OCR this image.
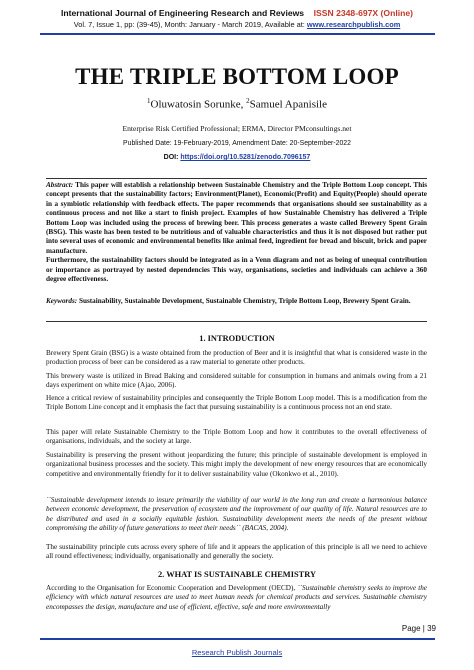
International Journal of Engineering Research and Reviews ISSN 2348-697X (Online)
Vol. 7, Issue 1, pp: (39-45), Month: January - March 2019, Available at: www.researchpublish.com
THE TRIPLE BOTTOM LOOP
$^1$Oluwatosin Sorunke, $^2$Samuel Apanisile
Enterprise Risk Certified Professional; ERMA, Director PMconsultings.net
Published Date: 19-February-2019, Amendment Date: 20-September-2022
DOI: https://doi.org/10.5281/zenodo.7096157

Abstract: This paper will establish a relationship between Sustainable Chemistry and the Triple Bottom Loop concept. This concept presents that the sustainability factors; Environment(Planet), Economic(Profit) and Equity(People) should operate in a symbiotic relationship with feedback effects. The paper recommends that organisations should see sustainability as a continuous process and not like a start to finish project. Examples of how Sustainable Chemistry has delivered a Triple Bottom Loop was included using the process of brewing beer. This process generates a waste called Brewery Spent Grain (BSG). This waste has been tested to be nutritious and of valuable characteristics and thus it is not disposed but rather put into several uses of economic and environmental benefits like animal feed, ingredient for bread and biscuit, brick and paper manufacture.
Furthermore, the sustainability factors should be integrated as in a Venn diagram and not as being of unequal contribution or importance as portrayed by nested dependencies This way, organisations, societies and individuals can achieve a 360 degree effectiveness.

Keywords: Sustainability, Sustainable Development, Sustainable Chemistry, Triple Bottom Loop, Brewery Spent Grain.

1. INTRODUCTION

Brewery Spent Grain (BSG) is a waste obtained from the production of Beer and it is insightful that what is considered waste in the production process of beer can be considered as a raw material to generate other products.

This brewery waste is utilized in Bread Baking and considered suitable for consumption in humans and animals owing from a 21 days experiment on white mice (Ajao, 2006).

Hence a critical review of sustainability principles and consequently the Triple Bottom Loop model. This is a modification from the Triple Bottom Line concept and it emphasis the fact that pursuing sustainability is a continuous process not an end state.

This paper will relate Sustainable Chemistry to the Triple Bottom Loop and how it contributes to the overall effectiveness of organisations, individuals, and the society at large.

Sustainability is preserving the present without jeopardizing the future; this principle of sustainable development is employed in organizational business processes and the society. This might imply the development of new energy resources that are economically competitive and environmentally friendly for it to deliver sustainability value (Okonkwo et al., 2010).

``Sustainable development intends to insure primarily the viability of our world in the long run and create a harmonious balance between economic development, the preservation of ecosystem and the improvement of our quality of life. Natural resources are to be distributed and used in a socially equitable fashion. Sustainability development meets the needs of the present without compromising the ability of future generations to meet their needs`` (BACAS, 2004).

The sustainability principle cuts across every sphere of life and it appears the application of this principle is all we need to achieve all round effectiveness; individually, organisationally and generally the society.

2. WHAT IS SUSTAINABLE CHEMISTRY

According to the Organisation for Economic Cooperation and Development (OECD), ``Sustainable chemistry seeks to improve the efficiency with which natural resources are used to meet human needs for chemical products and services. Sustainable chemistry encompasses the design, manufacture and use of efficient, effective, safe and more environmentally

Page | 39
Research Publish Journals
